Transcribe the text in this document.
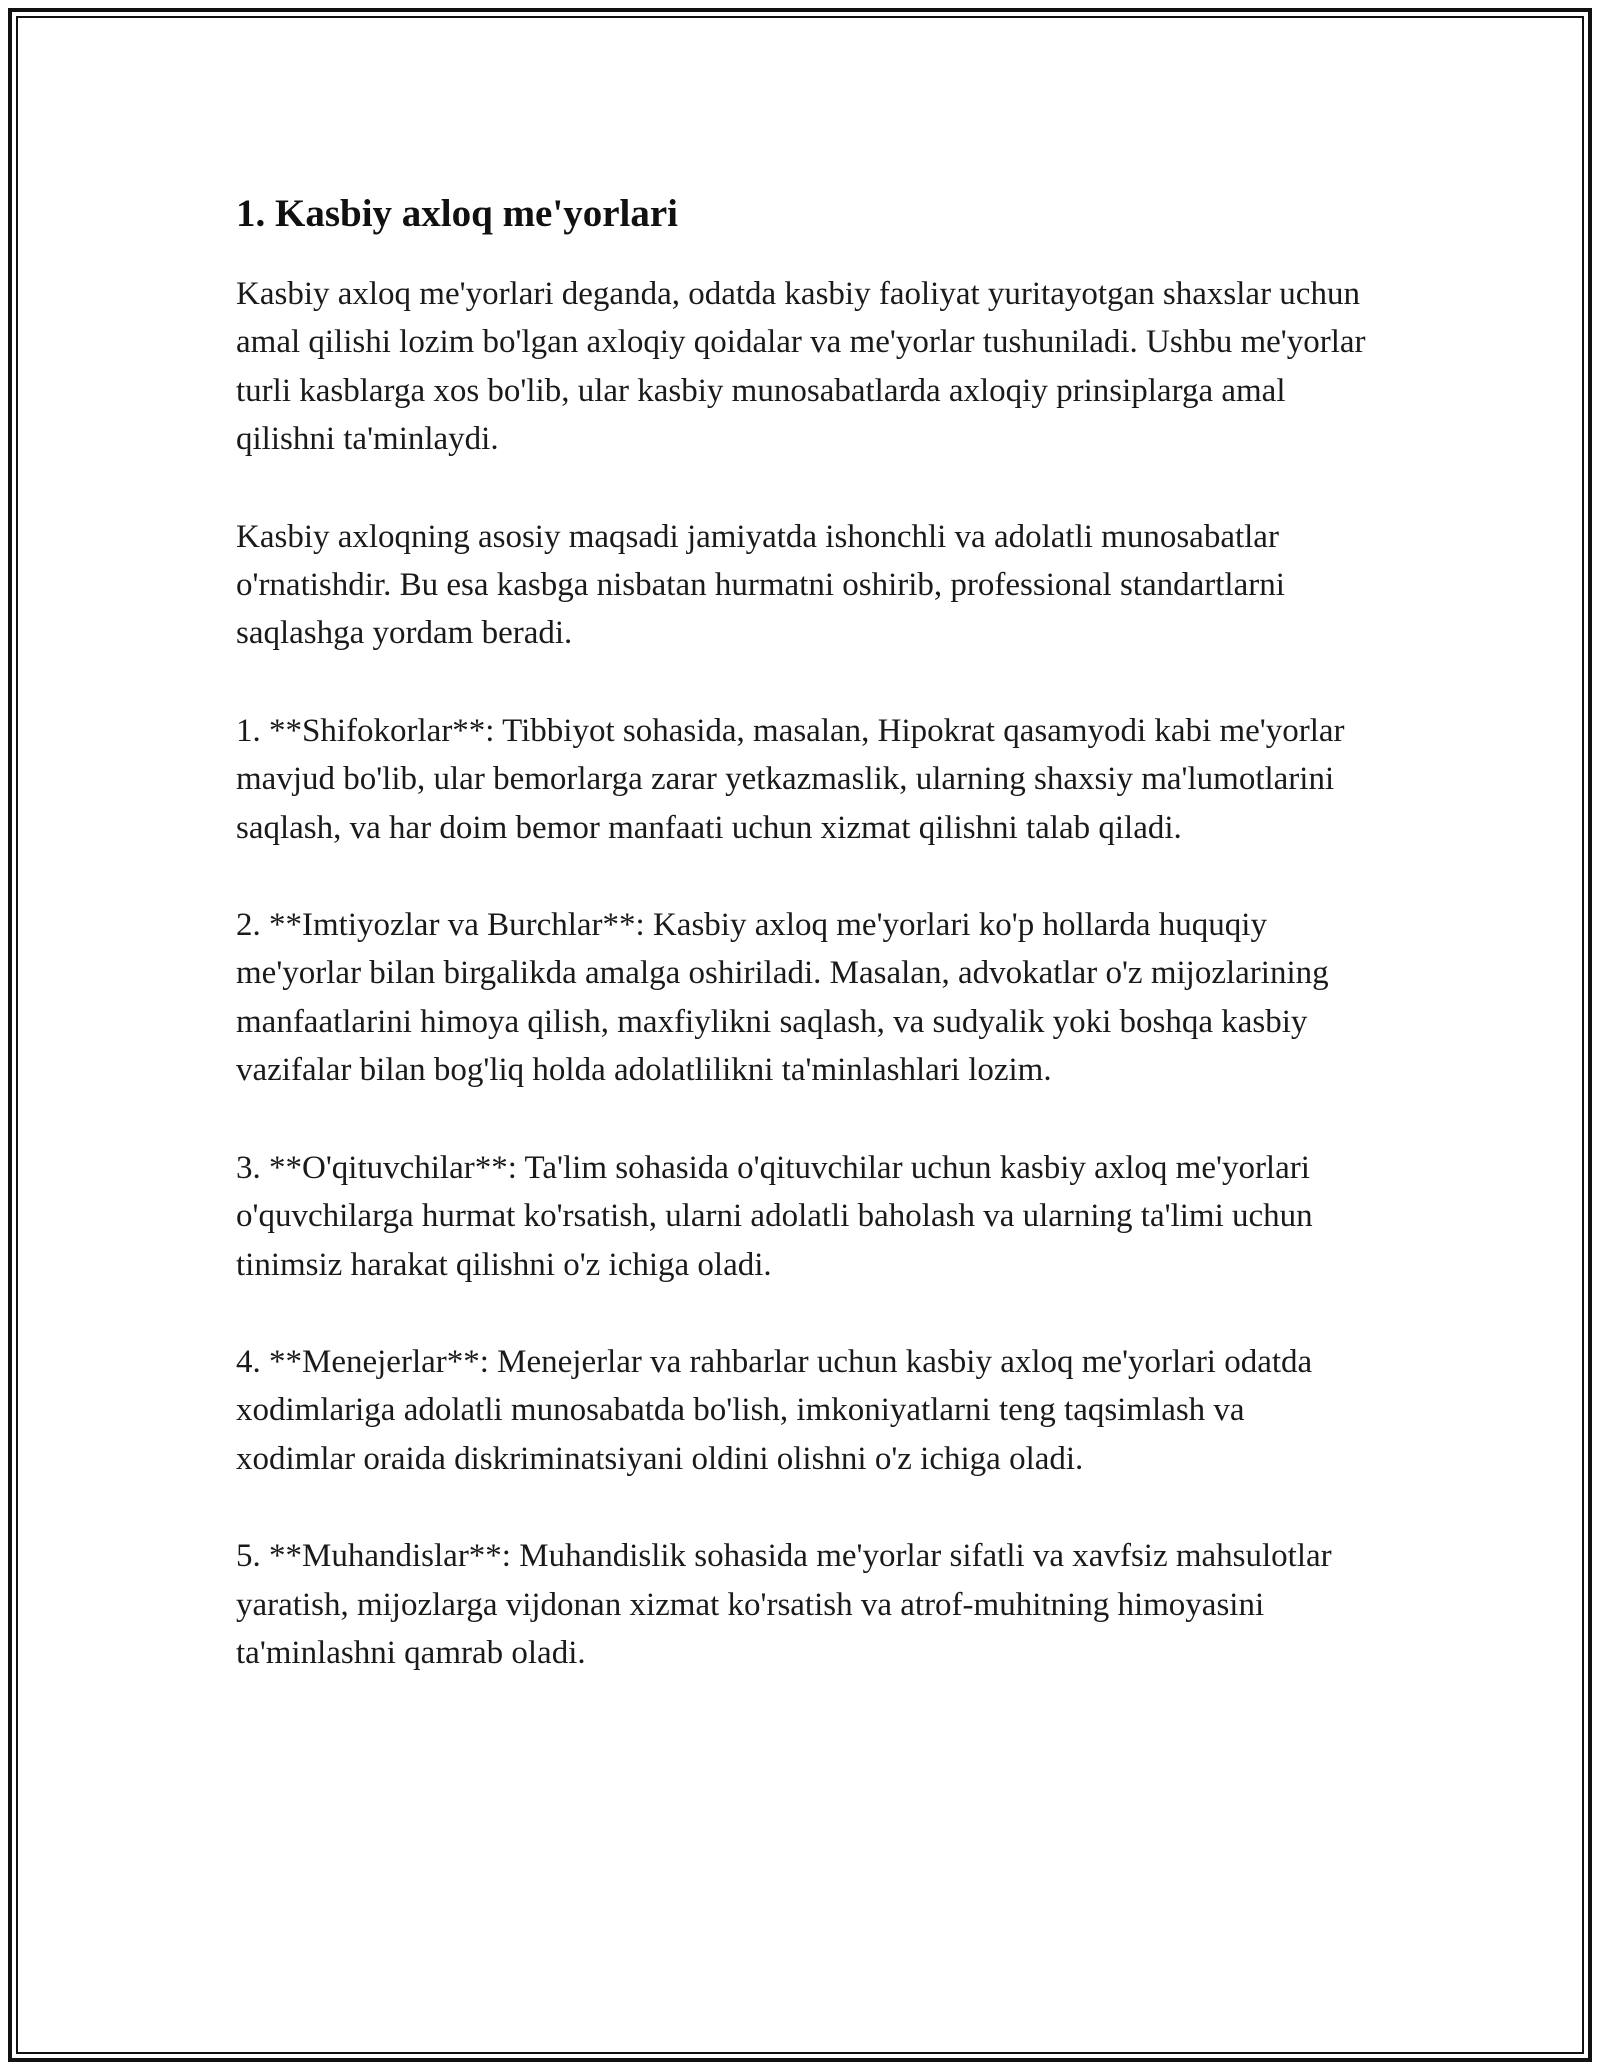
1. Kasbiy axloq me'yorlari

Kasbiy axloq me'yorlari deganda, odatda kasbiy faoliyat yuritayotgan shaxslar uchun amal qilishi lozim bo'lgan axloqiy qoidalar va me'yorlar tushuniladi. Ushbu me'yorlar turli kasblarga xos bo'lib, ular kasbiy munosabatlarda axloqiy prinsiplarga amal qilishni ta'minlaydi.

Kasbiy axloqning asosiy maqsadi jamiyatda ishonchli va adolatli munosabatlar o'rnatishdir. Bu esa kasbga nisbatan hurmatni oshirib, professional standartlarni saqlashga yordam beradi.

1. **Shifokorlar**: Tibbiyot sohasida, masalan, Hipokrat qasamyodi kabi me'yorlar mavjud bo'lib, ular bemorlarga zarar yetkazmaslik, ularning shaxsiy ma'lumotlarini saqlash, va har doim bemor manfaati uchun xizmat qilishni talab qiladi.

2. **Imtiyozlar va Burchlar**: Kasbiy axloq me'yorlari ko'p hollarda huquqiy me'yorlar bilan birgalikda amalga oshiriladi. Masalan, advokatlar o'z mijozlarining manfaatlarini himoya qilish, maxfiylikni saqlash, va sudyalik yoki boshqa kasbiy vazifalar bilan bog'liq holda adolatlilikni ta'minlashlari lozim.

3. **O'qituvchilar**: Ta'lim sohasida o'qituvchilar uchun kasbiy axloq me'yorlari o'quvchilarga hurmat ko'rsatish, ularni adolatli baholash va ularning ta'limi uchun tinimsiz harakat qilishni o'z ichiga oladi.

4. **Menejerlar**: Menejerlar va rahbarlar uchun kasbiy axloq me'yorlari odatda xodimlariga adolatli munosabatda bo'lish, imkoniyatlarni teng taqsimlash va xodimlar oraida diskriminatsiyani oldini olishni o'z ichiga oladi.

5. **Muhandislar**: Muhandislik sohasida me'yorlar sifatli va xavfsiz mahsulotlar yaratish, mijozlarga vijdonan xizmat ko'rsatish va atrof-muhitning himoyasini ta'minlashni qamrab oladi.
